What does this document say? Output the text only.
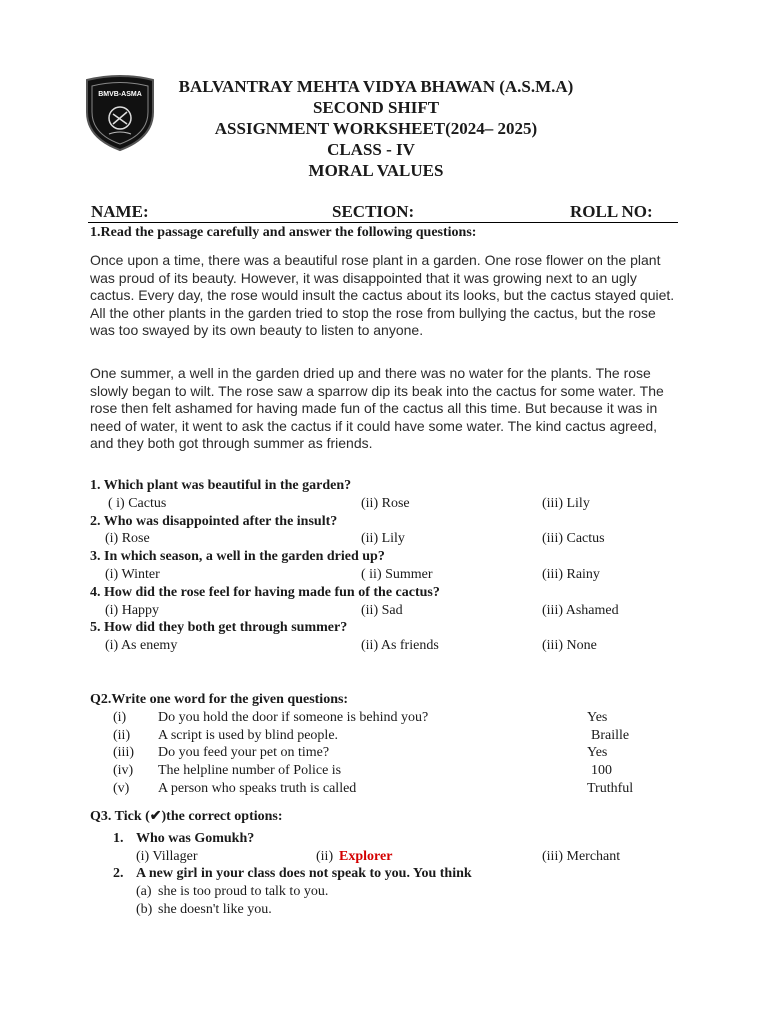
BMVB-ASMA	BALVANTRAY MEHTA VIDYA BHAWAN (A.S.M.A)
SECOND SHIFT
ASSIGNMENT WORKSHEET(2024– 2025)
CLASS - IV
MORAL VALUES
NAME:	SECTION:	ROLL NO:
1.Read the passage carefully and answer the following questions:
Once upon a time, there was a beautiful rose plant in a garden. One rose flower on the plant was proud of its beauty. However, it was disappointed that it was growing next to an ugly cactus. Every day, the rose would insult the cactus about its looks, but the cactus stayed quiet. All the other plants in the garden tried to stop the rose from bullying the cactus, but the rose was too swayed by its own beauty to listen to anyone.
One summer, a well in the garden dried up and there was no water for the plants. The rose slowly began to wilt. The rose saw a sparrow dip its beak into the cactus for some water. The rose then felt ashamed for having made fun of the cactus all this time. But because it was in need of water, it went to ask the cactus if it could have some water. The kind cactus agreed, and they both got through summer as friends.
1. Which plant was beautiful in the garden?
( i) Cactus	(ii) Rose	(iii) Lily
2. Who was disappointed after the insult?
(i) Rose	(ii) Lily	(iii) Cactus
3. In which season, a well in the garden dried up?
(i) Winter	( ii) Summer	(iii) Rainy
4. How did the rose feel for having made fun of the cactus?
(i) Happy	(ii) Sad	(iii) Ashamed
5. How did they both get through summer?
(i) As enemy	(ii) As friends	(iii) None
Q2.Write one word for the given questions:
(i) Do you hold the door if someone is behind you?	Yes
(ii) A script is used by blind people.	Braille
(iii) Do you feed your pet on time?	Yes
(iv) The helpline number of Police is	100
(v) A person who speaks truth is called	Truthful
Q3. Tick (✔)the correct options:
1. Who was Gomukh?
(i) Villager	(ii) Explorer	(iii) Merchant
2. A new girl in your class does not speak to you. You think
(a) she is too proud to talk to you.
(b) she doesn't like you.
